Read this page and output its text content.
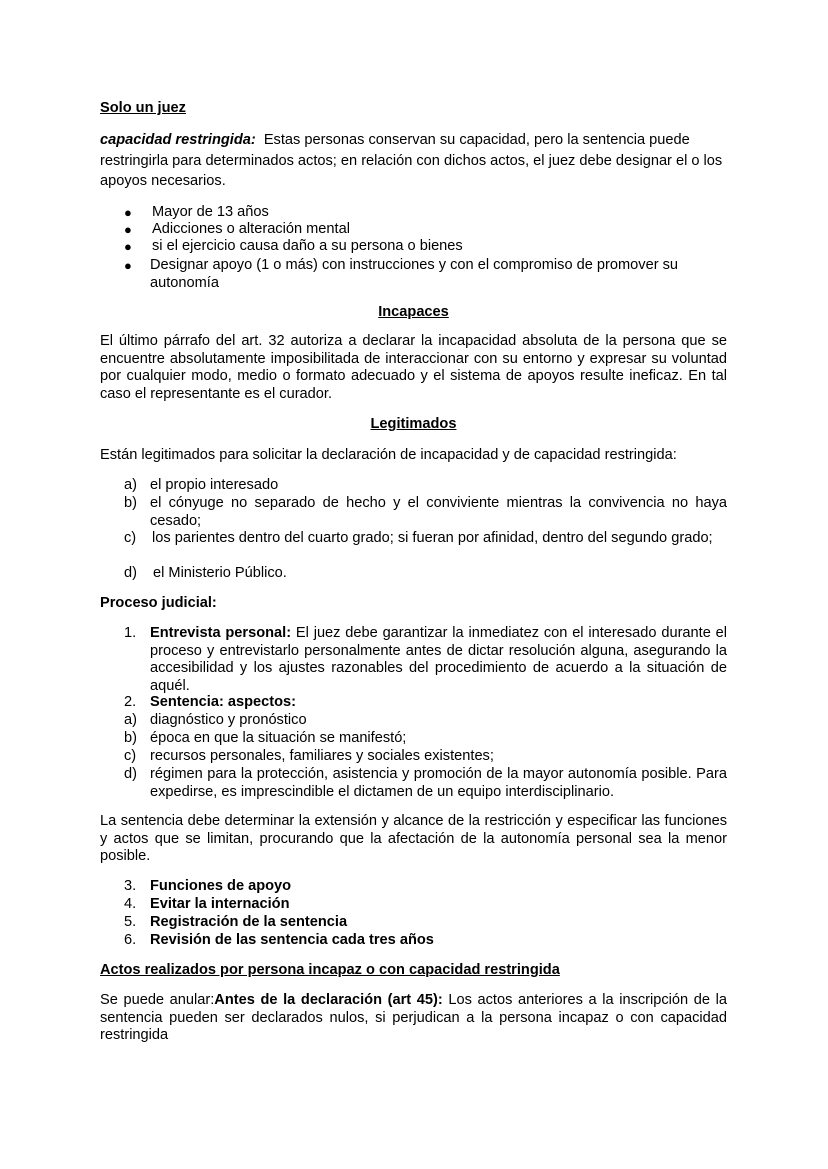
Solo un juez
capacidad restringida: Estas personas conservan su capacidad, pero la sentencia puede restringirla para determinados actos; en relación con dichos actos, el juez debe designar el o los apoyos necesarios.
●	Mayor de 13 años
●	Adicciones o alteración mental
●	si el ejercicio causa daño a su persona o bienes
●	Designar apoyo (1 o más) con instrucciones y con el compromiso de promover su autonomía
Incapaces
El último párrafo del art. 32 autoriza a declarar la incapacidad absoluta de la persona que se encuentre absolutamente imposibilitada de interaccionar con su entorno y expresar su voluntad por cualquier modo, medio o formato adecuado y el sistema de apoyos resulte ineficaz. En tal caso el representante es el curador.
Legitimados
Están legitimados para solicitar la declaración de incapacidad y de capacidad restringida:
a) el propio interesado
b) el cónyuge no separado de hecho y el conviviente mientras la convivencia no haya cesado;
c)	los parientes dentro del cuarto grado; si fueran por afinidad, dentro del segundo grado;
d)	el Ministerio Público.
Proceso judicial:
1. Entrevista personal: El juez debe garantizar la inmediatez con el interesado durante el proceso y entrevistarlo personalmente antes de dictar resolución alguna, asegurando la accesibilidad y los ajustes razonables del procedimiento de acuerdo a la situación de aquél.
2. Sentencia: aspectos:
a) diagnóstico y pronóstico
b) época en que la situación se manifestó;
c) recursos personales, familiares y sociales existentes;
d) régimen para la protección, asistencia y promoción de la mayor autonomía posible. Para expedirse, es imprescindible el dictamen de un equipo interdisciplinario.
La sentencia debe determinar la extensión y alcance de la restricción y especificar las funciones y actos que se limitan, procurando que la afectación de la autonomía personal sea la menor posible.
3. Funciones de apoyo
4. Evitar la internación
5. Registración de la sentencia
6. Revisión de las sentencia cada tres años
Actos realizados por persona incapaz o con capacidad restringida
Se puede anular:Antes de la declaración (art 45): Los actos anteriores a la inscripción de la sentencia pueden ser declarados nulos, si perjudican a la persona incapaz o con capacidad restringida
